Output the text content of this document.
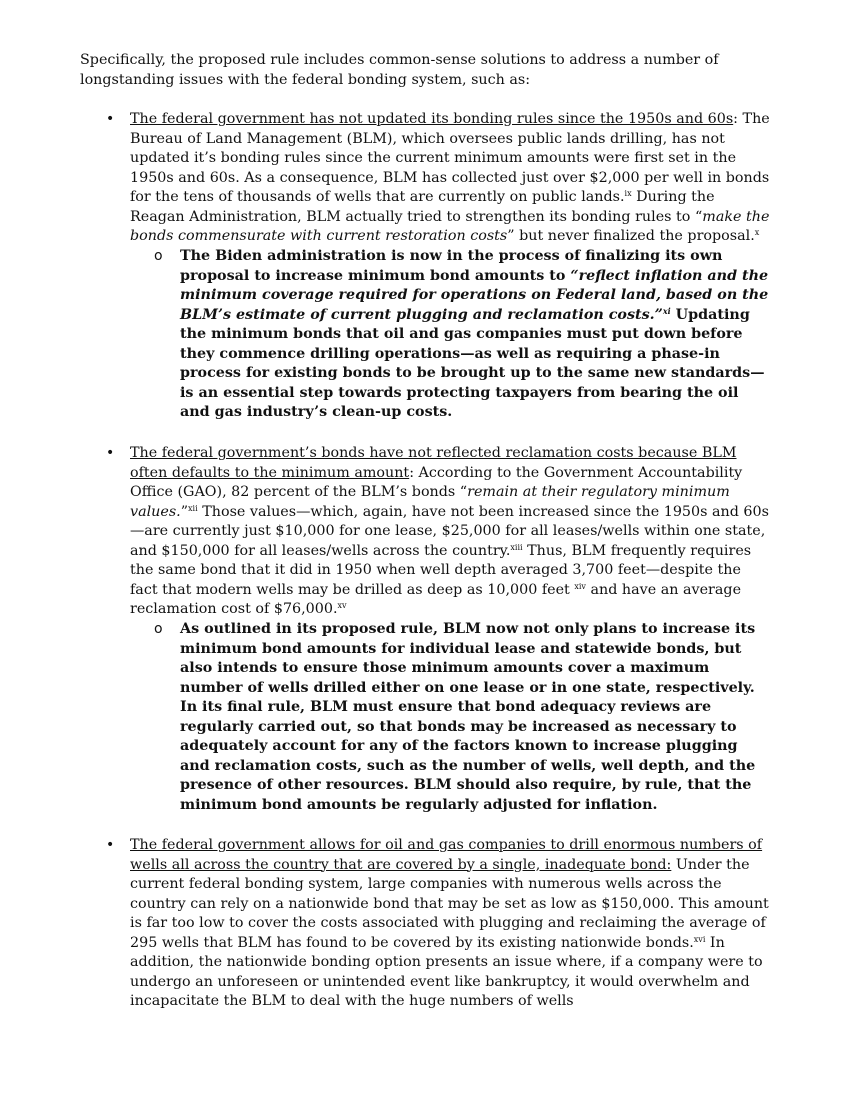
Specifically, the proposed rule includes common-sense solutions to address a number of longstanding issues with the federal bonding system, such as:

• The federal government has not updated its bonding rules since the 1950s and 60s: The Bureau of Land Management (BLM), which oversees public lands drilling, has not updated it’s bonding rules since the current minimum amounts were first set in the 1950s and 60s. As a consequence, BLM has collected just over $2,000 per well in bonds for the tens of thousands of wells that are currently on public lands.$^{ix}$ During the Reagan Administration, BLM actually tried to strengthen its bonding rules to “make the bonds commensurate with current restoration costs” but never finalized the proposal.$^x$
o The Biden administration is now in the process of finalizing its own proposal to increase minimum bond amounts to “reflect inflation and the minimum coverage required for operations on Federal land, based on the BLM’s estimate of current plugging and reclamation costs.”$^{xi}$ Updating the minimum bonds that oil and gas companies must put down before they commence drilling operations—as well as requiring a phase-in process for existing bonds to be brought up to the same new standards—is an essential step towards protecting taxpayers from bearing the oil and gas industry’s clean-up costs.
• The federal government’s bonds have not reflected reclamation costs because BLM often defaults to the minimum amount: According to the Government Accountability Office (GAO), 82 percent of the BLM’s bonds “remain at their regulatory minimum values.”$^{xii}$ Those values—which, again, have not been increased since the 1950s and 60s—are currently just $10,000 for one lease, $25,000 for all leases/wells within one state, and $150,000 for all leases/wells across the country.$^{xiii}$ Thus, BLM frequently requires the same bond that it did in 1950 when well depth averaged 3,700 feet—despite the fact that modern wells may be drilled as deep as 10,000 feet $^{xiv}$ and have an average reclamation cost of $76,000.$^{xv}$
o As outlined in its proposed rule, BLM now not only plans to increase its minimum bond amounts for individual lease and statewide bonds, but also intends to ensure those minimum amounts cover a maximum number of wells drilled either on one lease or in one state, respectively. In its final rule, BLM must ensure that bond adequacy reviews are regularly carried out, so that bonds may be increased as necessary to adequately account for any of the factors known to increase plugging and reclamation costs, such as the number of wells, well depth, and the presence of other resources. BLM should also require, by rule, that the minimum bond amounts be regularly adjusted for inflation.
• The federal government allows for oil and gas companies to drill enormous numbers of wells all across the country that are covered by a single, inadequate bond: Under the current federal bonding system, large companies with numerous wells across the country can rely on a nationwide bond that may be set as low as $150,000. This amount is far too low to cover the costs associated with plugging and reclaiming the average of 295 wells that BLM has found to be covered by its existing nationwide bonds.$^{xvi}$ In addition, the nationwide bonding option presents an issue where, if a company were to undergo an unforeseen or unintended event like bankruptcy, it would overwhelm and incapacitate the BLM to deal with the huge numbers of wells
